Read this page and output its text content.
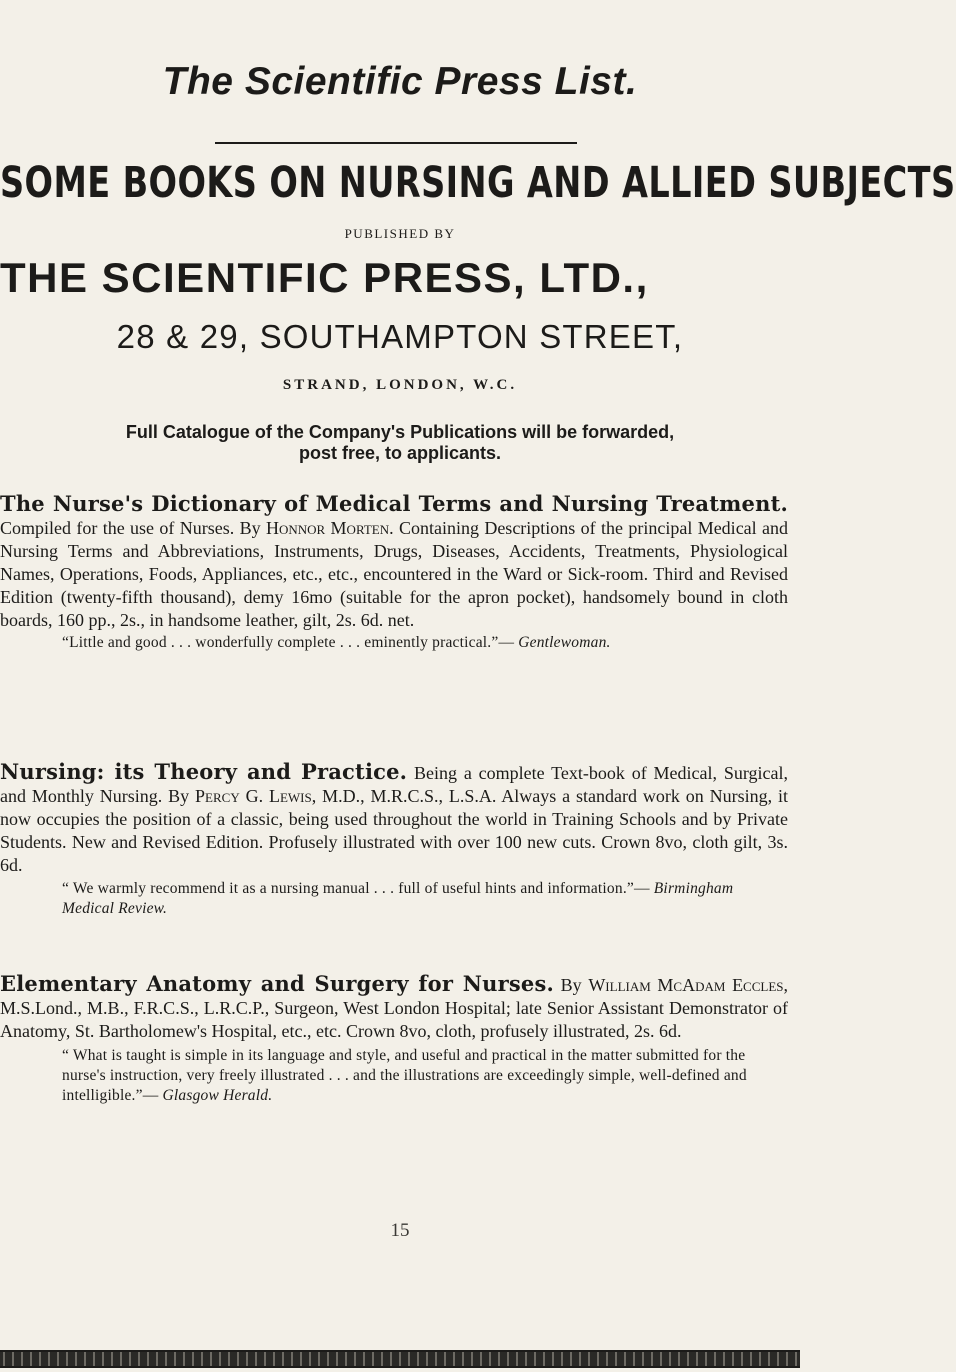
The Scientific Press List.
SOME BOOKS ON NURSING AND ALLIED SUBJECTS
PUBLISHED BY
THE SCIENTIFIC PRESS, LTD.,
28 & 29, SOUTHAMPTON STREET,
STRAND, LONDON, W.C.
Full Catalogue of the Company's Publications will be forwarded,
post free, to applicants.

The Nurse's Dictionary of Medical Terms and Nursing Treatment. Compiled for the use of Nurses. By Honnor Morten. Containing Descriptions of the principal Medical and Nursing Terms and Abbreviations, Instruments, Drugs, Diseases, Accidents, Treatments, Physiological Names, Operations, Foods, Appliances, etc., etc., encountered in the Ward or Sick-room. Third and Revised Edition (twenty-fifth thousand), demy 16mo (suitable for the apron pocket), handsomely bound in cloth boards, 160 pp., 2s., in handsome leather, gilt, 2s. 6d. net.

“Little and good . . . wonderfully complete . . . eminently practical.”— Gentlewoman.

Nursing: its Theory and Practice. Being a complete Text-book of Medical, Surgical, and Monthly Nursing. By Percy G. Lewis, M.D., M.R.C.S., L.S.A. Always a standard work on Nursing, it now occupies the position of a classic, being used throughout the world in Training Schools and by Private Students. New and Revised Edition. Profusely illustrated with over 100 new cuts. Crown 8vo, cloth gilt, 3s. 6d.

“ We warmly recommend it as a nursing manual . . . full of useful hints and information.”— Birmingham Medical Review.

Elementary Anatomy and Surgery for Nurses. By William McAdam Eccles, M.S.Lond., M.B., F.R.C.S., L.R.C.P., Surgeon, West London Hospital; late Senior Assistant Demonstrator of Anatomy, St. Bartholomew's Hospital, etc., etc. Crown 8vo, cloth, profusely illustrated, 2s. 6d.

“ What is taught is simple in its language and style, and useful and practical in the matter submitted for the nurse's instruction, very freely illustrated . . . and the illustrations are exceedingly simple, well-defined and intelligible.”— Glasgow Herald.

15
